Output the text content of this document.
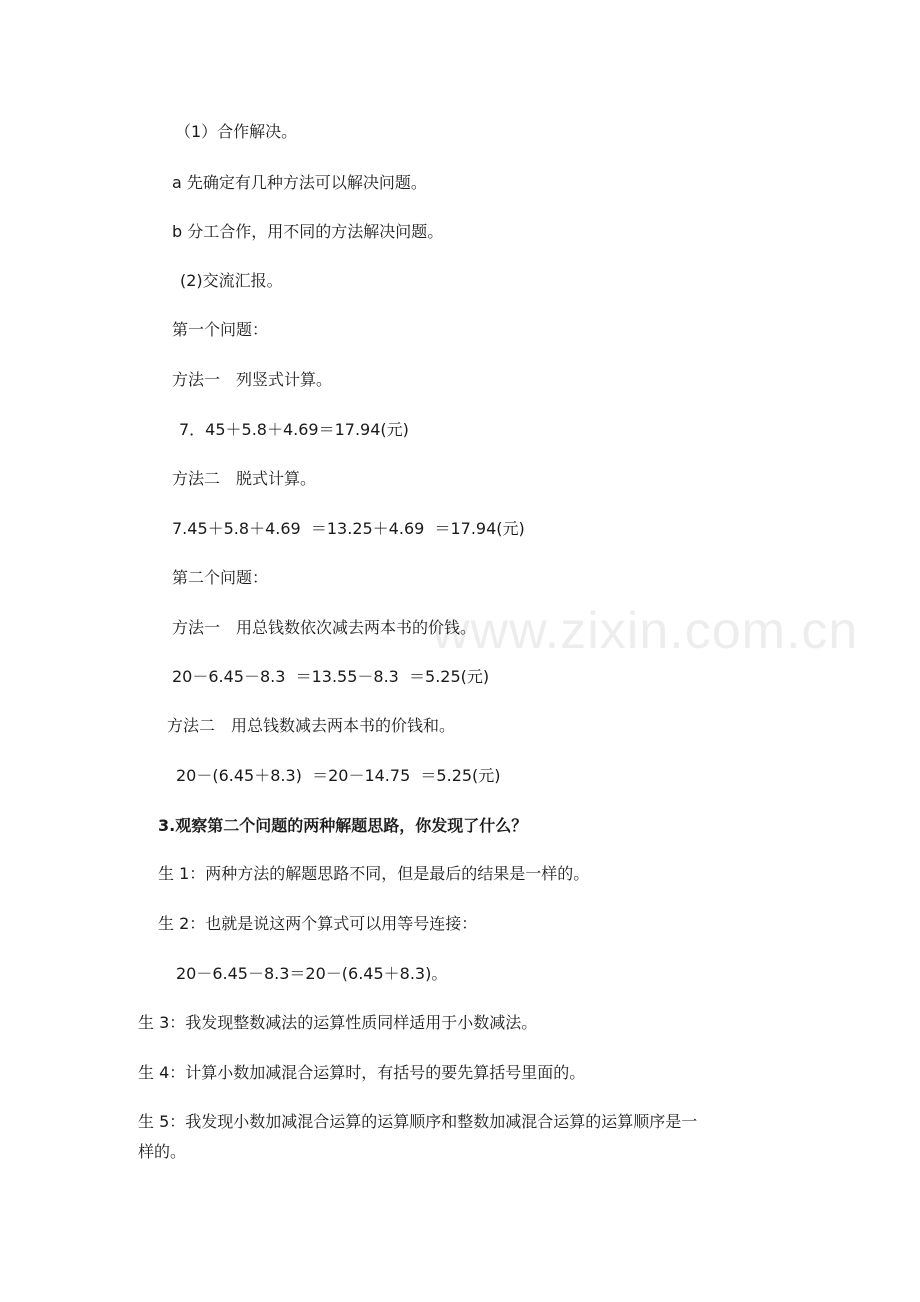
（1）合作解决。

a 先确定有几种方法可以解决问题。

b 分工合作，用不同的方法解决问题。

(2)交流汇报。

第一个问题：

方法一　列竖式计算。

7．45＋5.8＋4.69＝17.94(元)

方法二　脱式计算。

7.45＋5.8＋4.69  ＝13.25＋4.69  ＝17.94(元)

第二个问题：

方法一　用总钱数依次减去两本书的价钱。

20－6.45－8.3  ＝13.55－8.3  ＝5.25(元)

方法二　用总钱数减去两本书的价钱和。

20－(6.45＋8.3)  ＝20－14.75  ＝5.25(元)

3.观察第二个问题的两种解题思路，你发现了什么？

生 1：两种方法的解题思路不同，但是最后的结果是一样的。

生 2：也就是说这两个算式可以用等号连接：

20－6.45－8.3＝20－(6.45＋8.3)。

生 3：我发现整数减法的运算性质同样适用于小数减法。

生 4：计算小数加减混合运算时，有括号的要先算括号里面的。

生 5：我发现小数加减混合运算的运算顺序和整数加减混合运算的运算顺序是一

样的。

www.zixin.com.cn
